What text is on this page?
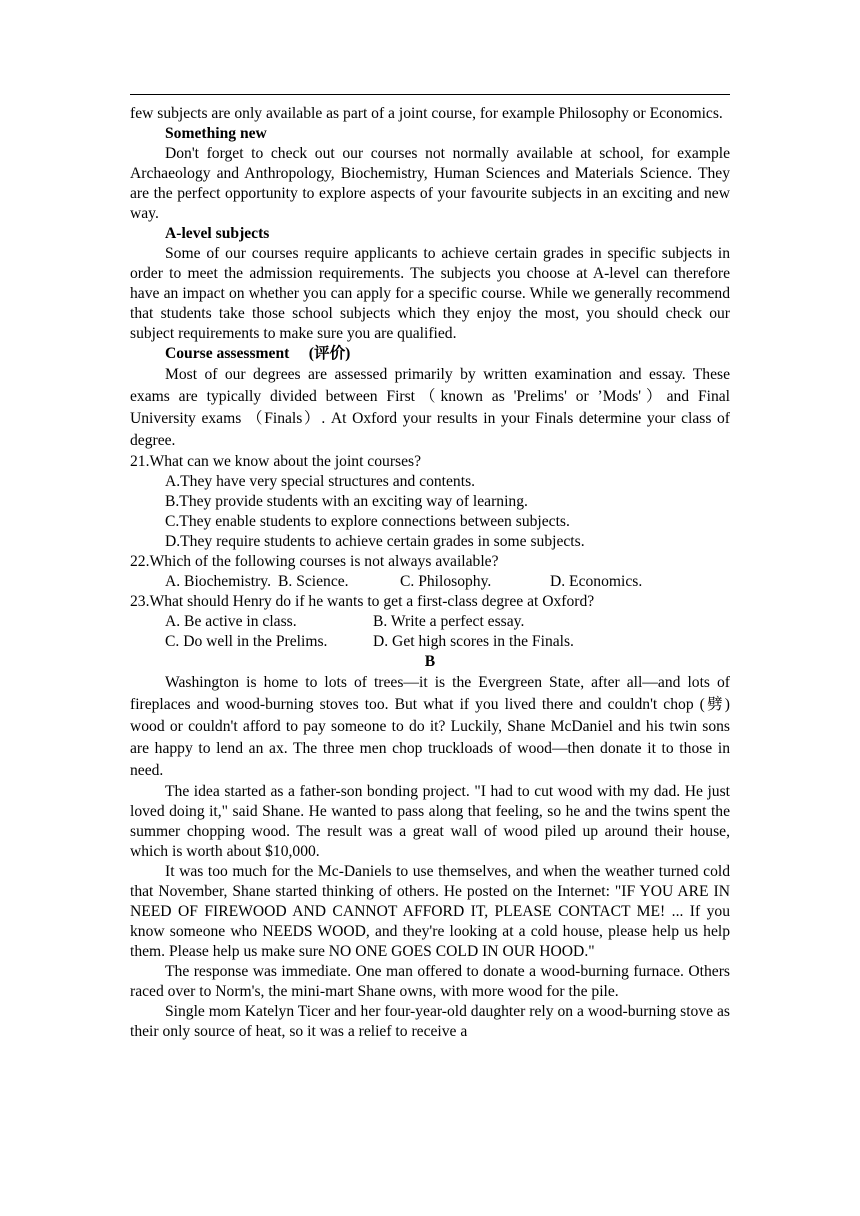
few subjects are only available as part of a joint course, for example Philosophy or Economics.

Something new

Don't forget to check out our courses not normally available at school, for example Archaeology and Anthropology, Biochemistry, Human Sciences and Materials Science. They are the perfect opportunity to explore aspects of your favourite subjects in an exciting and new way.

A-level subjects

Some of our courses require applicants to achieve certain grades in specific subjects in order to meet the admission requirements. The subjects you choose at A-level can therefore have an impact on whether you can apply for a specific course. While we generally recommend that students take those school subjects which they enjoy the most, you should check our subject requirements to make sure you are qualified.

Course assessment 　(评价)

Most of our degrees are assessed primarily by written examination and essay. These exams are typically divided between First（known as 'Prelims' or ’Mods'）and Final University exams （Finals）. At Oxford your results in your Finals determine your class of degree.

21.What can we know about the joint courses?

A.They have very special structures and contents.

B.They provide students with an exciting way of learning.

C.They enable students to explore connections between subjects.

D.They require students to achieve certain grades in some subjects.

22.Which of the following courses is not always available?

A. Biochemistry. B. Science.	C. Philosophy.	D. Economics.

23.What should Henry do if he wants to get a first-class degree at Oxford?

A. Be active in class.	B. Write a perfect essay.
C. Do well in the Prelims.	D. Get high scores in the Finals.

B

Washington is home to lots of trees—it is the Evergreen State, after all—and lots of fireplaces and wood-burning stoves too. But what if you lived there and couldn't chop (劈) wood or couldn't afford to pay someone to do it? Luckily, Shane McDaniel and his twin sons are happy to lend an ax. The three men chop truckloads of wood—then donate it to those in need.

The idea started as a father-son bonding project. "I had to cut wood with my dad. He just loved doing it," said Shane. He wanted to pass along that feeling, so he and the twins spent the summer chopping wood. The result was a great wall of wood piled up around their house, which is worth about $10,000.

It was too much for the Mc-Daniels to use themselves, and when the weather turned cold that November, Shane started thinking of others. He posted on the Internet: "IF YOU ARE IN NEED OF FIREWOOD AND CANNOT AFFORD IT, PLEASE CONTACT ME! ... If you know someone who NEEDS WOOD, and they're looking at a cold house, please help us help them. Please help us make sure NO ONE GOES COLD IN OUR HOOD."

The response was immediate. One man offered to donate a wood-burning furnace. Others raced over to Norm's, the mini-mart Shane owns, with more wood for the pile.

Single mom Katelyn Ticer and her four-year-old daughter rely on a wood-burning stove as their only source of heat, so it was a relief to receive a
